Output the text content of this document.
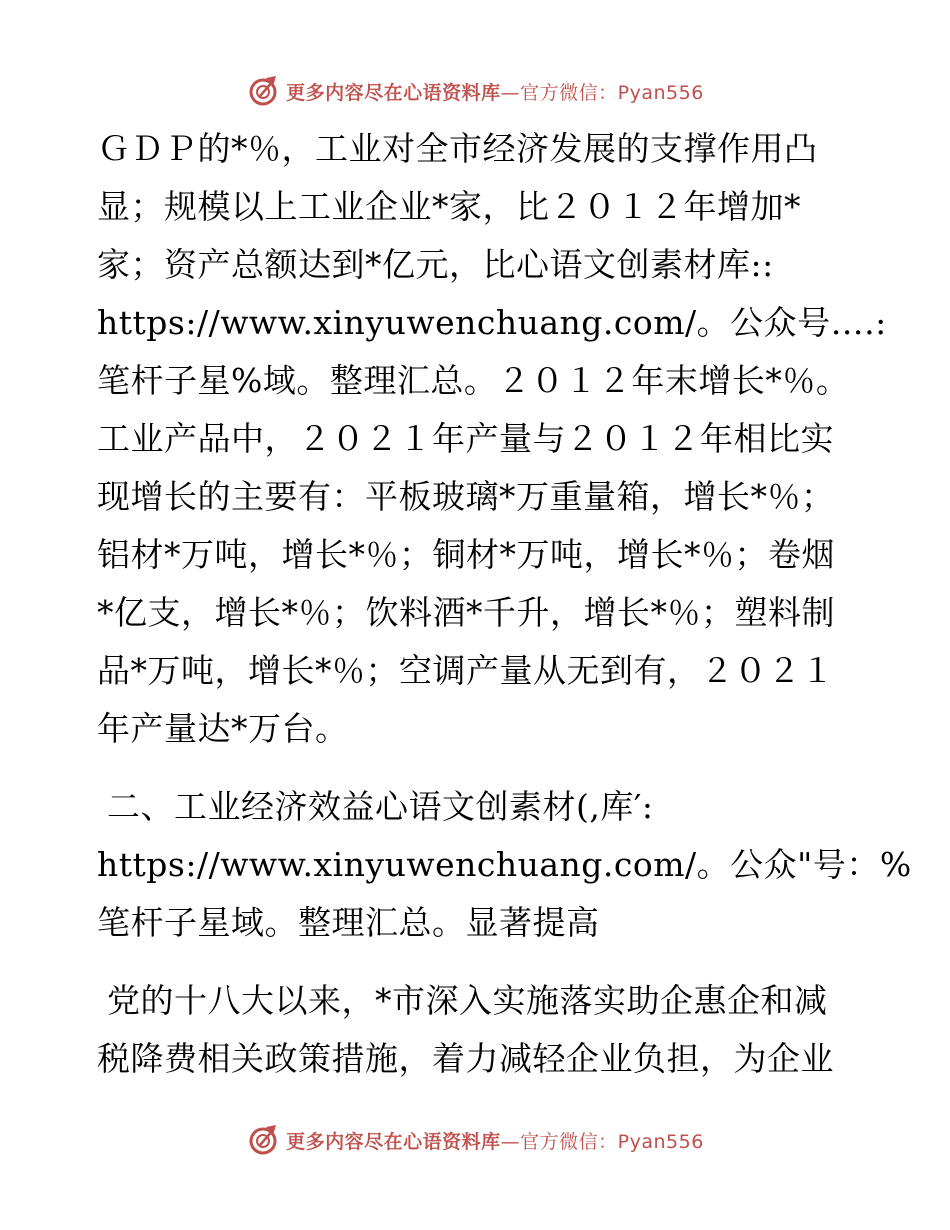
更多内容尽在心语资料库—官方微信：Pyan556
ＧＤＰ的*％，工业对全市经济发展的支撑作用凸
显；规模以上工业企业*家，比２０１２年增加*
家；资产总额达到*亿元，比心语文创素材库::
https://www.xinyuwenchuang.com/。公众号….:
笔杆子星%域。整理汇总。２０１２年末增长*％。
工业产品中，２０２１年产量与２０１２年相比实
现增长的主要有：平板玻璃*万重量箱，增长*％；
铝材*万吨，增长*％；铜材*万吨，增长*％；卷烟
*亿支，增长*％；饮料酒*千升，增长*％；塑料制
品*万吨，增长*％；空调产量从无到有，２０２１
年产量达*万台。
二、工业经济效益心语文创素材(,库′:
https://www.xinyuwenchuang.com/。公众"号：%
笔杆子星域。整理汇总。显著提高
党的十八大以来，*市深入实施落实助企惠企和减
税降费相关政策措施，着力减轻企业负担，为企业
更多内容尽在心语资料库—官方微信：Pyan556
